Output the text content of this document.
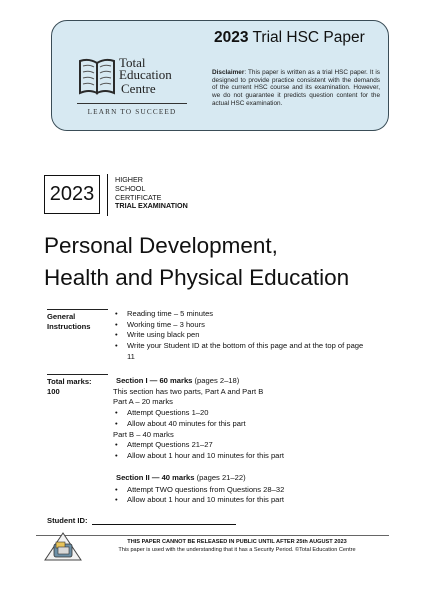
Total
Education
Centre
LEARN TO SUCCEED
2023 Trial HSC Paper
Disclaimer: This paper is written as a trial HSC paper. It is designed to provide practice consistent with the demands of the current HSC course and its examination. However, we do not guarantee it predicts question content for the actual HSC examination.
2023
HIGHER
SCHOOL
CERTIFICATE
TRIAL EXAMINATION
Personal Development,
Health and Physical Education
General
Instructions
• Reading time – 5 minutes
• Working time – 3 hours
• Write using black pen
• Write your Student ID at the bottom of this page and at the top of page 11
Total marks:
100
Section I — 60 marks (pages 2–18)
This section has two parts, Part A and Part B
Part A – 20 marks
• Attempt Questions 1–20
• Allow about 40 minutes for this part
Part B – 40 marks
• Attempt Questions 21–27
• Allow about 1 hour and 10 minutes for this part
Section II — 40 marks (pages 21–22)
• Attempt TWO questions from Questions 28–32
• Allow about 1 hour and 10 minutes for this part
Student ID:
THIS PAPER CANNOT BE RELEASED IN PUBLIC UNTIL AFTER 25th AUGUST 2023
This paper is used with the understanding that it has a Security Period. ©Total Education Centre
